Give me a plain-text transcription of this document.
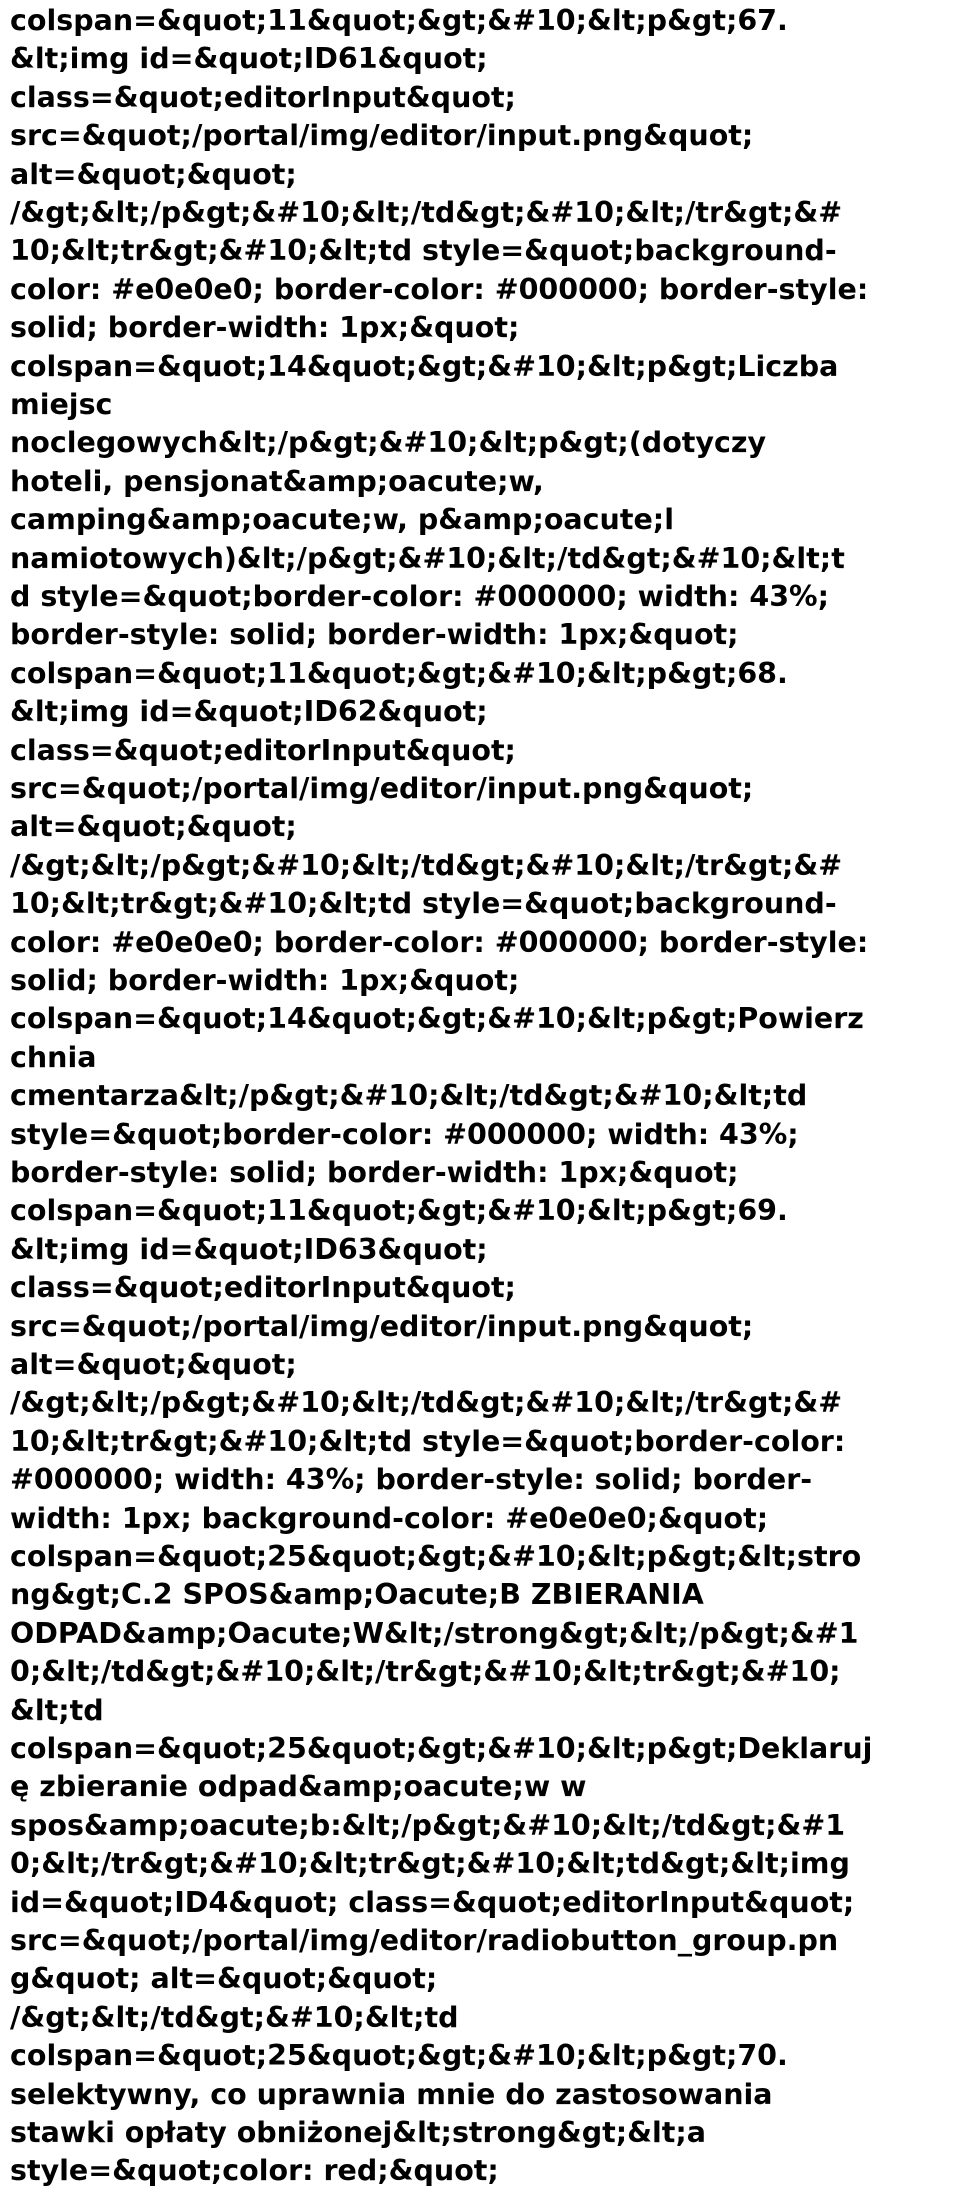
colspan=&quot;11&quot;&gt;&#10;&lt;p&gt;67.
&lt;img id=&quot;ID61&quot;
class=&quot;editorInput&quot;
src=&quot;/portal/img/editor/input.png&quot;
alt=&quot;&quot;
/&gt;&lt;/p&gt;&#10;&lt;/td&gt;&#10;&lt;/tr&gt;&#
10;&lt;tr&gt;&#10;&lt;td style=&quot;background-
color: #e0e0e0; border-color: #000000; border-style:
solid; border-width: 1px;&quot;
colspan=&quot;14&quot;&gt;&#10;&lt;p&gt;Liczba
miejsc
noclegowych&lt;/p&gt;&#10;&lt;p&gt;(dotyczy
hoteli, pensjonat&amp;oacute;w,
camping&amp;oacute;w, p&amp;oacute;l
namiotowych)&lt;/p&gt;&#10;&lt;/td&gt;&#10;&lt;t
d style=&quot;border-color: #000000; width: 43%;
border-style: solid; border-width: 1px;&quot;
colspan=&quot;11&quot;&gt;&#10;&lt;p&gt;68.
&lt;img id=&quot;ID62&quot;
class=&quot;editorInput&quot;
src=&quot;/portal/img/editor/input.png&quot;
alt=&quot;&quot;
/&gt;&lt;/p&gt;&#10;&lt;/td&gt;&#10;&lt;/tr&gt;&#
10;&lt;tr&gt;&#10;&lt;td style=&quot;background-
color: #e0e0e0; border-color: #000000; border-style:
solid; border-width: 1px;&quot;
colspan=&quot;14&quot;&gt;&#10;&lt;p&gt;Powierz
chnia
cmentarza&lt;/p&gt;&#10;&lt;/td&gt;&#10;&lt;td
style=&quot;border-color: #000000; width: 43%;
border-style: solid; border-width: 1px;&quot;
colspan=&quot;11&quot;&gt;&#10;&lt;p&gt;69.
&lt;img id=&quot;ID63&quot;
class=&quot;editorInput&quot;
src=&quot;/portal/img/editor/input.png&quot;
alt=&quot;&quot;
/&gt;&lt;/p&gt;&#10;&lt;/td&gt;&#10;&lt;/tr&gt;&#
10;&lt;tr&gt;&#10;&lt;td style=&quot;border-color:
#000000; width: 43%; border-style: solid; border-
width: 1px; background-color: #e0e0e0;&quot;
colspan=&quot;25&quot;&gt;&#10;&lt;p&gt;&lt;stro
ng&gt;C.2 SPOS&amp;Oacute;B ZBIERANIA
ODPAD&amp;Oacute;W&lt;/strong&gt;&lt;/p&gt;&#1
0;&lt;/td&gt;&#10;&lt;/tr&gt;&#10;&lt;tr&gt;&#10;
&lt;td
colspan=&quot;25&quot;&gt;&#10;&lt;p&gt;Deklaruj
ę zbieranie odpad&amp;oacute;w w
spos&amp;oacute;b:&lt;/p&gt;&#10;&lt;/td&gt;&#1
0;&lt;/tr&gt;&#10;&lt;tr&gt;&#10;&lt;td&gt;&lt;img
id=&quot;ID4&quot; class=&quot;editorInput&quot;
src=&quot;/portal/img/editor/radiobutton_group.pn
g&quot; alt=&quot;&quot;
/&gt;&lt;/td&gt;&#10;&lt;td
colspan=&quot;25&quot;&gt;&#10;&lt;p&gt;70.
selektywny, co uprawnia mnie do zastosowania
stawki opłaty obniżonej&lt;strong&gt;&lt;a
style=&quot;color: red;&quot;
